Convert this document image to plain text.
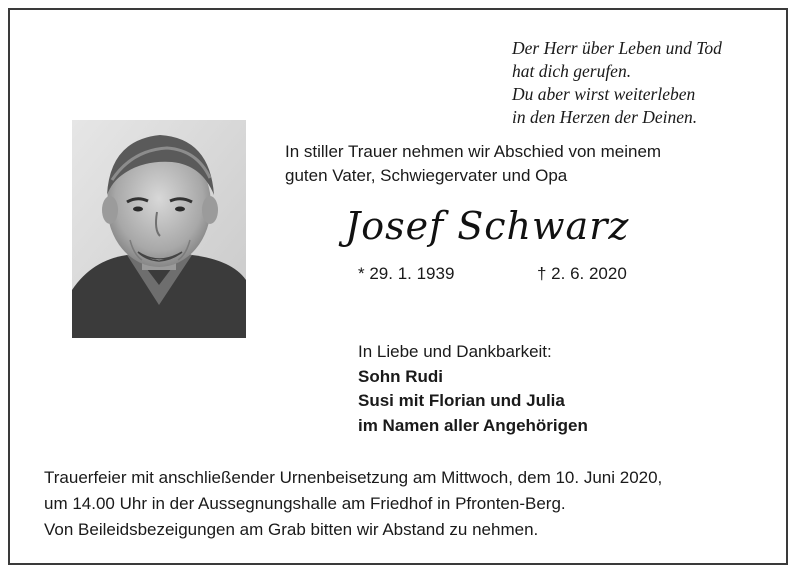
Der Herr über Leben und Tod
hat dich gerufen.
Du aber wirst weiterleben
in den Herzen der Deinen.
In stiller Trauer nehmen wir Abschied von meinem
guten Vater, Schwiegervater und Opa
Josef Schwarz
* 29. 1. 1939	† 2. 6. 2020
In Liebe und Dankbarkeit:
Sohn Rudi
Susi mit Florian und Julia
im Namen aller Angehörigen
Trauerfeier mit anschließender Urnenbeisetzung am Mittwoch, dem 10. Juni 2020,
um 14.00 Uhr in der Aussegnungshalle am Friedhof in Pfronten-Berg.
Von Beileidsbezeigungen am Grab bitten wir Abstand zu nehmen.
